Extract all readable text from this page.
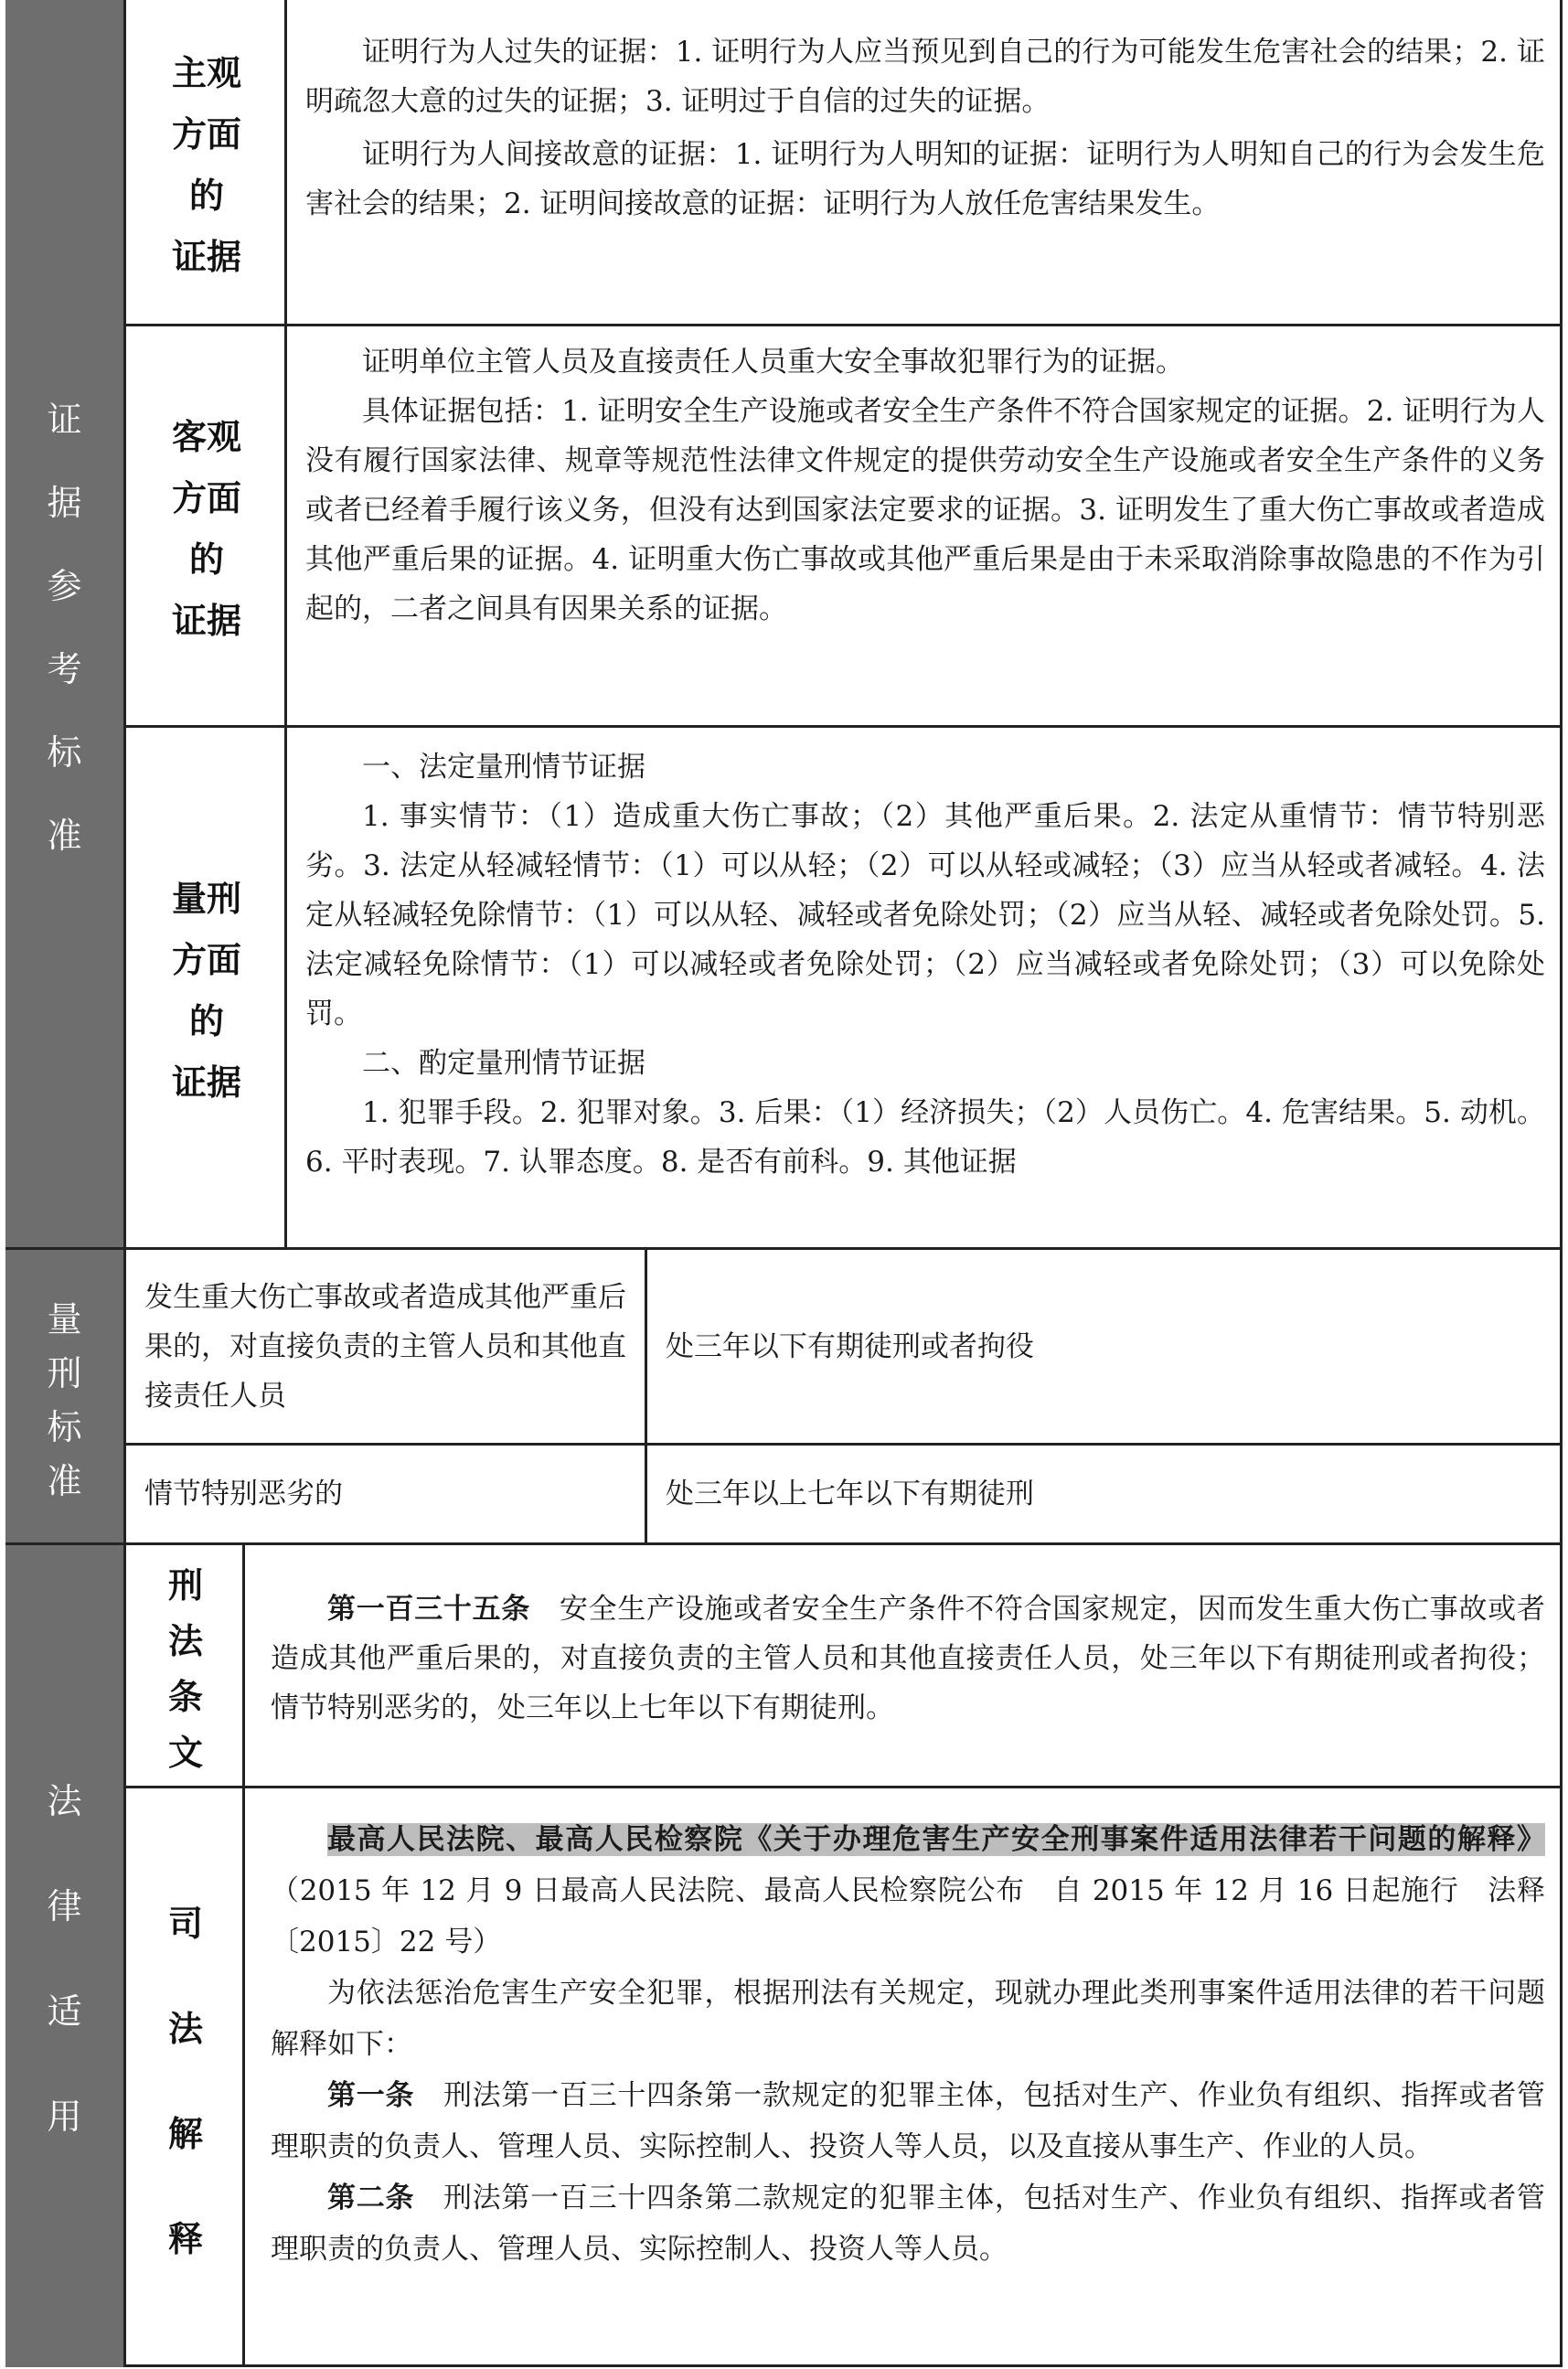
证
据
参
考
标
准
量
刑
标
准
法
律
适
用
主观
方面
的
证据

证明行为人过失的证据：1. 证明行为人应当预见到自己的行为可能发生危害社会的结果；2. 证明疏忽大意的过失的证据；3. 证明过于自信的过失的证据。

证明行为人间接故意的证据：1. 证明行为人明知的证据：证明行为人明知自己的行为会发生危害社会的结果；2. 证明间接故意的证据：证明行为人放任危害结果发生。

客观
方面
的
证据

证明单位主管人员及直接责任人员重大安全事故犯罪行为的证据。

具体证据包括：1. 证明安全生产设施或者安全生产条件不符合国家规定的证据。2. 证明行为人没有履行国家法律、规章等规范性法律文件规定的提供劳动安全生产设施或者安全生产条件的义务或者已经着手履行该义务，但没有达到国家法定要求的证据。3. 证明发生了重大伤亡事故或者造成其他严重后果的证据。4. 证明重大伤亡事故或其他严重后果是由于未采取消除事故隐患的不作为引起的，二者之间具有因果关系的证据。

量刑
方面
的
证据

一、法定量刑情节证据

1. 事实情节：（1）造成重大伤亡事故；（2）其他严重后果。2. 法定从重情节：情节特别恶劣。3. 法定从轻减轻情节：（1）可以从轻；（2）可以从轻或减轻；（3）应当从轻或者减轻。4. 法定从轻减轻免除情节：（1）可以从轻、减轻或者免除处罚；（2）应当从轻、减轻或者免除处罚。5. 法定减轻免除情节：（1）可以减轻或者免除处罚；（2）应当减轻或者免除处罚；（3）可以免除处罚。

二、酌定量刑情节证据

1. 犯罪手段。2. 犯罪对象。3. 后果：（1）经济损失；（2）人员伤亡。4. 危害结果。5. 动机。6. 平时表现。7. 认罪态度。8. 是否有前科。9. 其他证据

发生重大伤亡事故或者造成其他严重后果的，对直接负责的主管人员和其他直接责任人员
处三年以下有期徒刑或者拘役
情节特别恶劣的	处三年以上七年以下有期徒刑
刑
法
条
文

第一百三十五条　 安全生产设施或者安全生产条件不符合国家规定，因而发生重大伤亡事故或者造成其他严重后果的，对直接负责的主管人员和其他直接责任人员，处三年以下有期徒刑或者拘役；情节特别恶劣的，处三年以上七年以下有期徒刑。

司
法
解
释

最高人民法院、最高人民检察院《关于办理危害生产安全刑事案件适用法律若干问题的解释》（2015 年 12 月 9 日最高人民法院、最高人民检察院公布　自 2015 年 12 月 16 日起施行　法释〔2015〕22 号）

为依法惩治危害生产安全犯罪，根据刑法有关规定，现就办理此类刑事案件适用法律的若干问题解释如下：

第一条　 刑法第一百三十四条第一款规定的犯罪主体，包括对生产、作业负有组织、指挥或者管理职责的负责人、管理人员、实际控制人、投资人等人员，以及直接从事生产、作业的人员。

第二条　 刑法第一百三十四条第二款规定的犯罪主体，包括对生产、作业负有组织、指挥或者管理职责的负责人、管理人员、实际控制人、投资人等人员。
